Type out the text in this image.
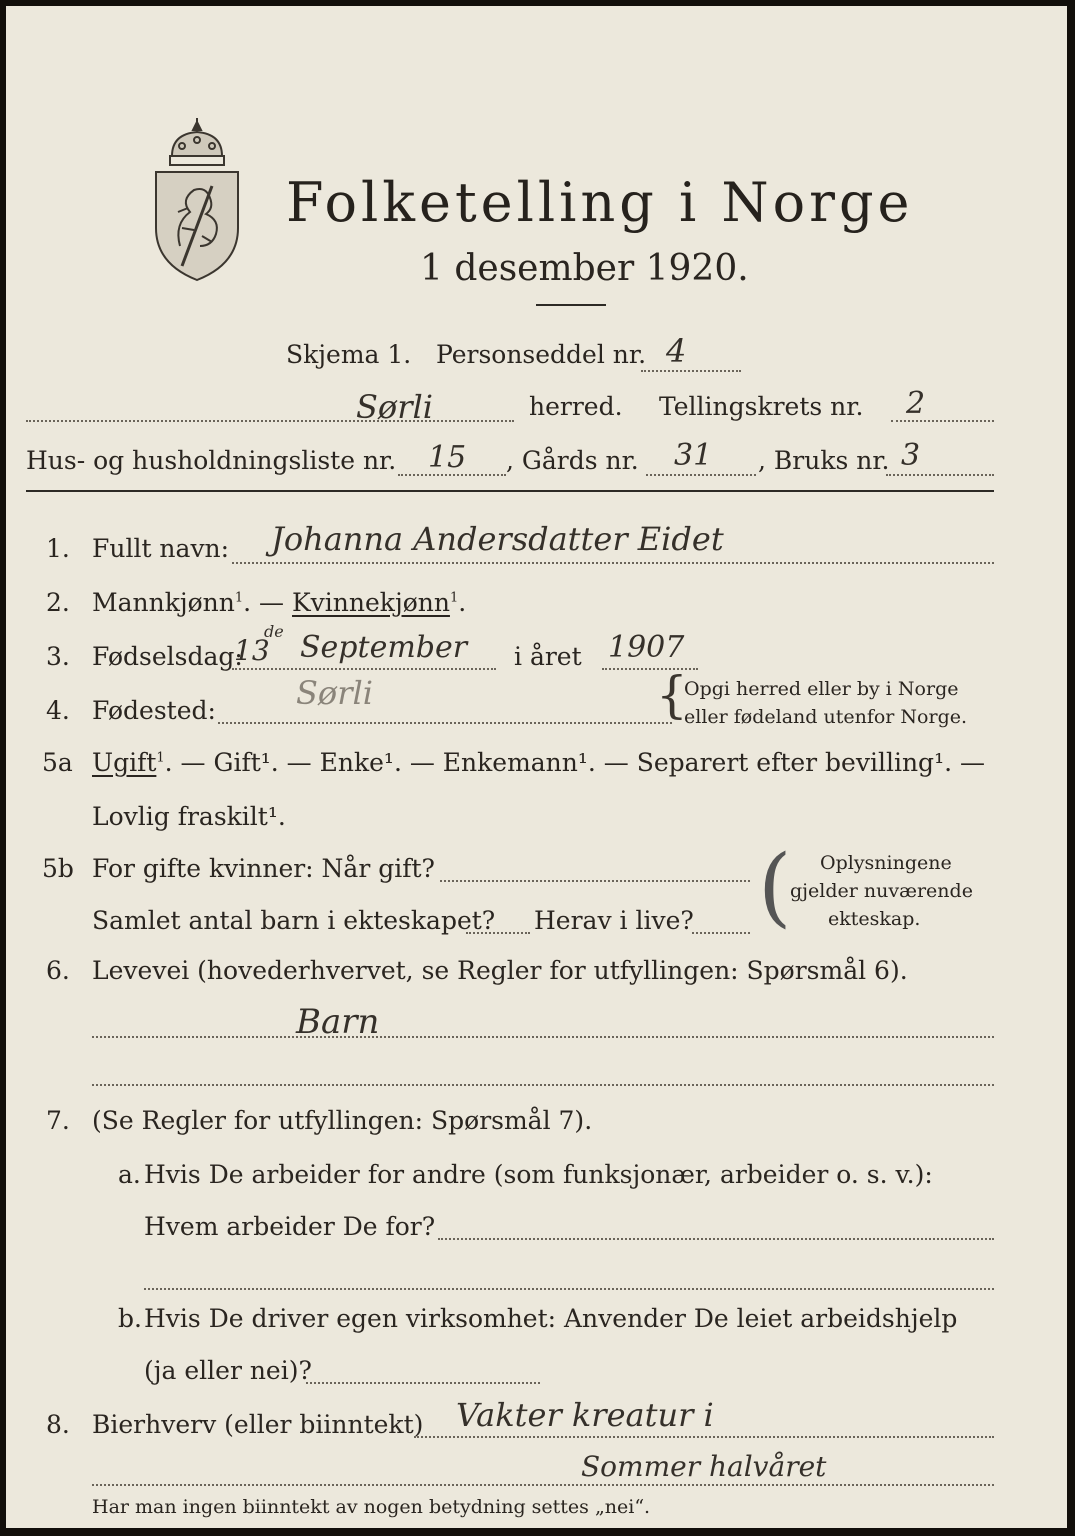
Folketelling i Norge
1 desember 1920.
Skjema 1. Personseddel nr. 4
Sørli	herred. Tellingskrets nr. 2
Hus- og husholdningsliste nr. 15 , Gårds nr. 31 , Bruks nr. 3
1. Fullt navn: Johanna Andersdatter Eidet
2. Mannkjønn$^1$. — Kvinnekjønn$^1$.
3. Fødselsdag:
13
de September i året 1907
4. Fødested:	Sørli	{
Opgi herred eller by i Norge
eller fødeland utenfor Norge.
5a Ugift$^1$. — Gift¹. — Enke¹. — Enkemann¹. — Separert efter bevilling¹. —
Lovlig fraskilt¹.
5b For gifte kvinner: Når gift?
Samlet antal barn i ekteskapet? Herav i live? ( Oplysningene
gjelder nuværende
ekteskap.
6. Levevei (hovederhvervet, se Regler for utfyllingen: Spørsmål 6).
Barn
7. (Se Regler for utfyllingen: Spørsmål 7).
a. Hvis De arbeider for andre (som funksjonær, arbeider o. s. v.):
Hvem arbeider De for?
b. Hvis De driver egen virksomhet: Anvender De leiet arbeidshjelp
(ja eller nei)?
8. Bierhverv (eller biinntekt) Vakter kreatur i
Sommer halvåret
Har man ingen biinntekt av nogen betydning settes „nei“.
